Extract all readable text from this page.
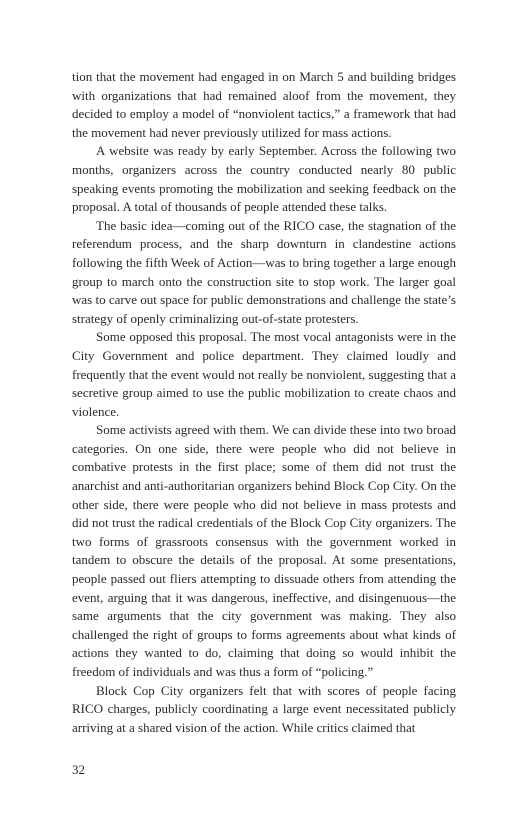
tion that the movement had engaged in on March 5 and building bridges with organizations that had remained aloof from the movement, they decided to employ a model of “nonviolent tactics,” a framework that had the movement had never previously utilized for mass actions.

A website was ready by early September. Across the following two months, organizers across the country conducted nearly 80 public speaking events promoting the mobilization and seeking feedback on the proposal. A total of thousands of people attended these talks.

The basic idea—coming out of the RICO case, the stagnation of the referendum process, and the sharp downturn in clandestine actions following the fifth Week of Action—was to bring together a large enough group to march onto the construction site to stop work. The larger goal was to carve out space for public demonstrations and challenge the state’s strategy of openly criminalizing out-of-state protesters.

Some opposed this proposal. The most vocal antagonists were in the City Government and police department. They claimed loudly and frequently that the event would not really be nonviolent, suggesting that a secretive group aimed to use the public mobilization to create chaos and violence.

Some activists agreed with them. We can divide these into two broad categories. On one side, there were people who did not believe in combative protests in the first place; some of them did not trust the anarchist and anti-authoritarian organizers behind Block Cop City. On the other side, there were people who did not believe in mass protests and did not trust the radical credentials of the Block Cop City organizers. The two forms of grassroots consensus with the government worked in tandem to obscure the details of the proposal. At some presentations, people passed out fliers attempting to dissuade others from attending the event, arguing that it was dangerous, ineffective, and disingenuous—the same arguments that the city government was making. They also challenged the right of groups to forms agreements about what kinds of actions they wanted to do, claiming that doing so would inhibit the freedom of individuals and was thus a form of “policing.”

Block Cop City organizers felt that with scores of people facing RICO charges, publicly coordinating a large event necessitated publicly arriving at a shared vision of the action. While critics claimed that

32
